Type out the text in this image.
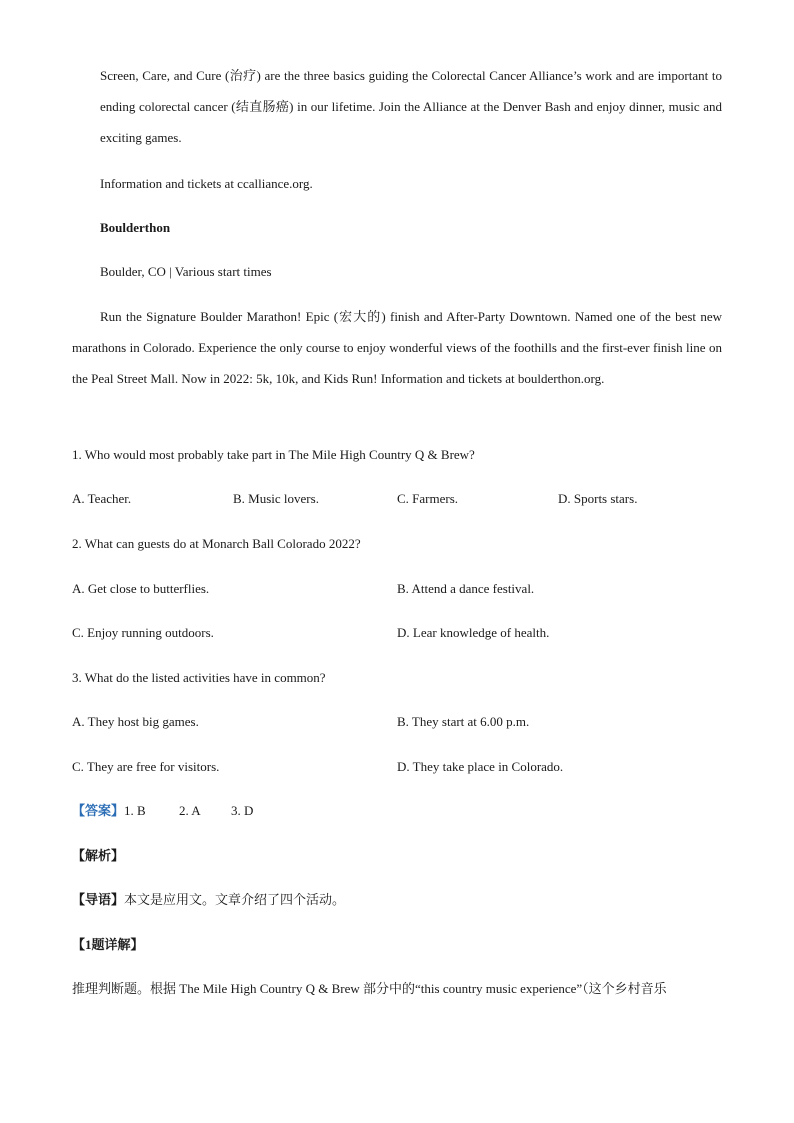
Screen, Care, and Cure (治疗) are the three basics guiding the Colorectal Cancer Alliance’s work and are important to ending colorectal cancer (结直肠癌) in our lifetime. Join the Alliance at the Denver Bash and enjoy dinner, music and exciting games.

Information and tickets at ccalliance.org.

Boulderthon

Boulder, CO | Various start times

Run the Signature Boulder Marathon! Epic (宏大的) finish and After-Party Downtown. Named one of the best new marathons in Colorado. Experience the only course to enjoy wonderful views of the foothills and the first-ever finish line on the Peal Street Mall. Now in 2022: 5k, 10k, and Kids Run! Information and tickets at boulderthon.org.

1. Who would most probably take part in The Mile High Country Q & Brew?

A. Teacher.	B. Music lovers.	C. Farmers.	D. Sports stars.

2. What can guests do at Monarch Ball Colorado 2022?

A. Get close to butterflies.	B. Attend a dance festival.
C. Enjoy running outdoors.	D. Lear knowledge of health.

3. What do the listed activities have in common?

A. They host big games.	B. They start at 6.00 p.m.
C. They are free for visitors.	D. They take place in Colorado.
【答案】1. B	2. A 3. D
【解析】
【导语】本文是应用文。文章介绍了四个活动。
【1题详解】
推理判断题。根据 The Mile High Country Q & Brew 部分中的“this country music experience”（这个乡村音乐
